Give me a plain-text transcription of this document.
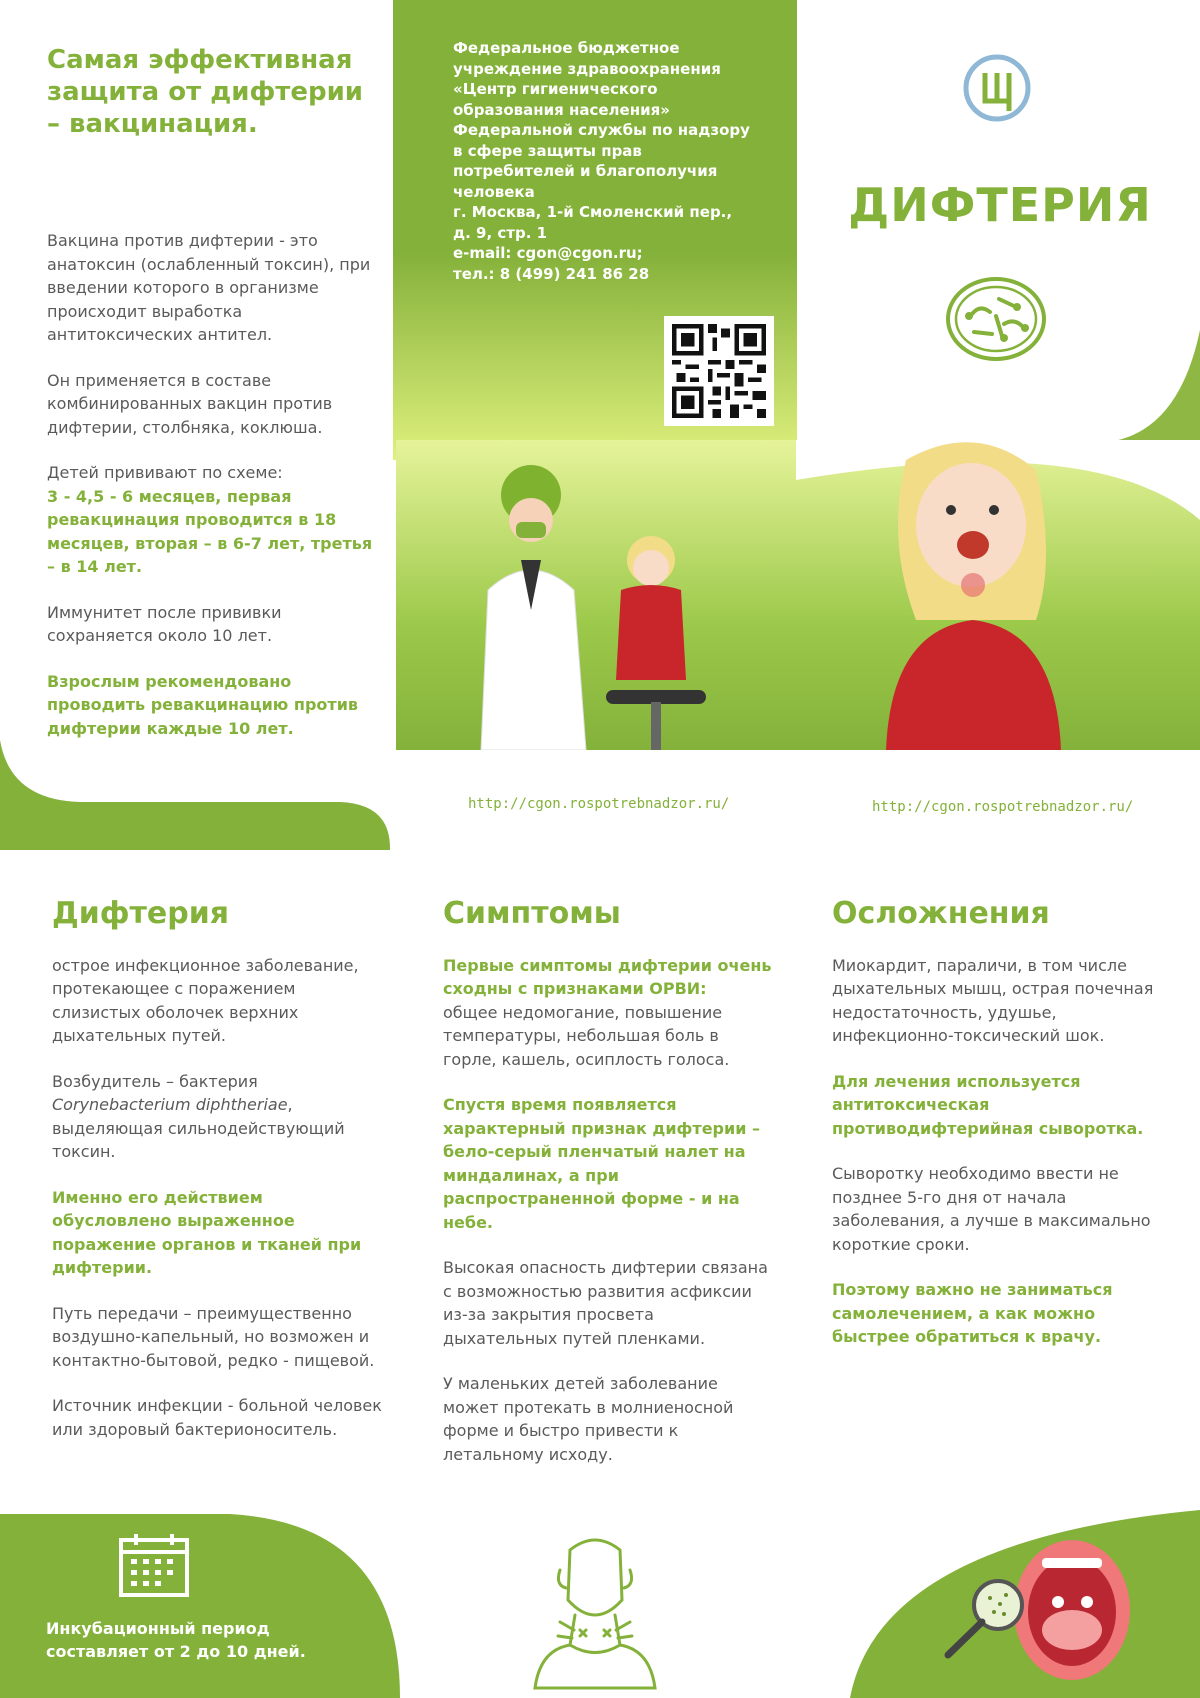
Самая эффективная защита от дифтерии – вакцинация.

Вакцина против дифтерии - это анатоксин (ослабленный токсин), при введении которого в организме происходит выработка антитоксических антител.

Он применяется в составе комбинированных вакцин против дифтерии, столбняка, коклюша.

Детей прививают по схеме:
3 - 4,5 - 6 месяцев, первая ревакцинация проводится в 18 месяцев, вторая – в 6-7 лет, третья – в 14 лет.

Иммунитет после прививки сохраняется около 10 лет.

Взрослым рекомендовано проводить ревакцинацию против дифтерии каждые 10 лет.

Федеральное бюджетное учреждение здравоохранения
«Центр гигиенического образования населения»
Федеральной службы по надзору в сфере защиты прав потребителей и благополучия человека
г. Москва, 1-й Смоленский пер., д. 9, стр. 1
e-mail: cgon@cgon.ru;
тел.: 8 (499) 241 86 28
ДИФТЕРИЯ
http://cgon.rospotrebnadzor.ru/	http://cgon.rospotrebnadzor.ru/
Дифтерия

острое инфекционное заболевание, протекающее с поражением слизистых оболочек верхних дыхательных путей.

Возбудитель – бактерия
Corynebacterium diphtheriae, выделяющая сильнодействующий токсин.

Именно его действием обусловлено выраженное поражение органов и тканей при дифтерии.

Путь передачи – преимущественно воздушно-капельный, но возможен и контактно-бытовой, редко - пищевой.

Источник инфекции - больной человек или здоровый бактерионоситель.

Симптомы

Первые симптомы дифтерии очень сходны с признаками ОРВИ:
общее недомогание, повышение температуры, небольшая боль в горле, кашель, осиплость голоса.

Спустя время появляется характерный признак дифтерии – бело-серый пленчатый налет на миндалинах, а при распространенной форме - и на небе.

Высокая опасность дифтерии связана с возможностью развития асфиксии из-за закрытия просвета дыхательных путей пленками.

У маленьких детей заболевание может протекать в молниеносной форме и быстро привести к летальному исходу.

Осложнения

Миокардит, параличи, в том числе дыхательных мышц, острая почечная недостаточность, удушье, инфекционно-токсический шок.

Для лечения используется антитоксическая противодифтерийная сыворотка.

Сыворотку необходимо ввести не позднее 5-го дня от начала заболевания, а лучше в максимально короткие сроки.

Поэтому важно не заниматься самолечением, а как можно быстрее обратиться к врачу.

Инкубационный период составляет от 2 до 10 дней.
